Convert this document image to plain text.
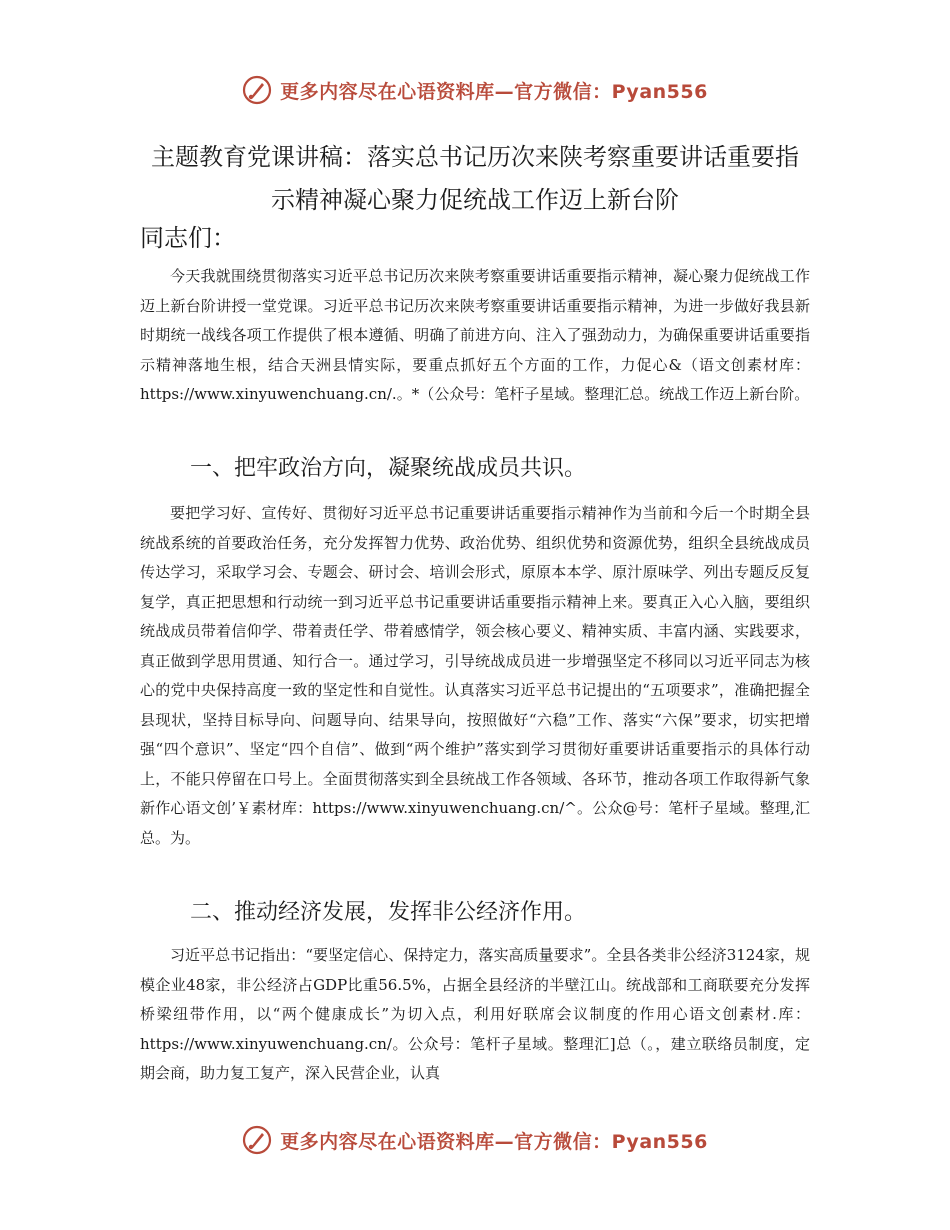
更多内容尽在心语资料库—官方微信：Pyan556
主题教育党课讲稿：落实总书记历次来陕考察重要讲话重要指示精神凝心聚力促统战工作迈上新台阶
同志们：

今天我就围绕贯彻落实习近平总书记历次来陕考察重要讲话重要指示精神，凝心聚力促统战工作迈上新台阶讲授一堂党课。习近平总书记历次来陕考察重要讲话重要指示精神，为进一步做好我县新时期统一战线各项工作提供了根本遵循、明确了前进方向、注入了强劲动力，为确保重要讲话重要指示精神落地生根，结合天洲县情实际，要重点抓好五个方面的工作，力促心&（语文创素材库：https://www.xinyuwenchuang.cn/.。*（公众号：笔杆子星域。整理汇总。统战工作迈上新台阶。

一、把牢政治方向，凝聚统战成员共识。

要把学习好、宣传好、贯彻好习近平总书记重要讲话重要指示精神作为当前和今后一个时期全县统战系统的首要政治任务，充分发挥智力优势、政治优势、组织优势和资源优势，组织全县统战成员传达学习，采取学习会、专题会、研讨会、培训会形式，原原本本学、原汁原味学、列出专题反反复复学，真正把思想和行动统一到习近平总书记重要讲话重要指示精神上来。要真正入心入脑，要组织统战成员带着信仰学、带着责任学、带着感情学，领会核心要义、精神实质、丰富内涵、实践要求，真正做到学思用贯通、知行合一。通过学习，引导统战成员进一步增强坚定不移同以习近平同志为核心的党中央保持高度一致的坚定性和自觉性。认真落实习近平总书记提出的“五项要求”，准确把握全县现状，坚持目标导向、问题导向、结果导向，按照做好“六稳”工作、落实“六保”要求，切实把增强“四个意识”、坚定“四个自信”、做到“两个维护”落实到学习贯彻好重要讲话重要指示的具体行动上，不能只停留在口号上。全面贯彻落实到全县统战工作各领域、各环节，推动各项工作取得新气象新作心语文创’￥素材库：https://www.xinyuwenchuang.cn/^。公众@号：笔杆子星域。整理,汇总。为。

二、推动经济发展，发挥非公经济作用。

习近平总书记指出：“要坚定信心、保持定力，落实高质量要求”。全县各类非公经济3124家，规模企业48家，非公经济占GDP比重56.5%，占据全县经济的半壁江山。统战部和工商联要充分发挥桥梁纽带作用，以“两个健康成长”为切入点，利用好联席会议制度的作用心语文创素材.库：https://www.xinyuwenchuang.cn/。公众号：笔杆子星域。整理汇]总（。，建立联络员制度，定期会商，助力复工复产，深入民营企业，认真

更多内容尽在心语资料库—官方微信：Pyan556
